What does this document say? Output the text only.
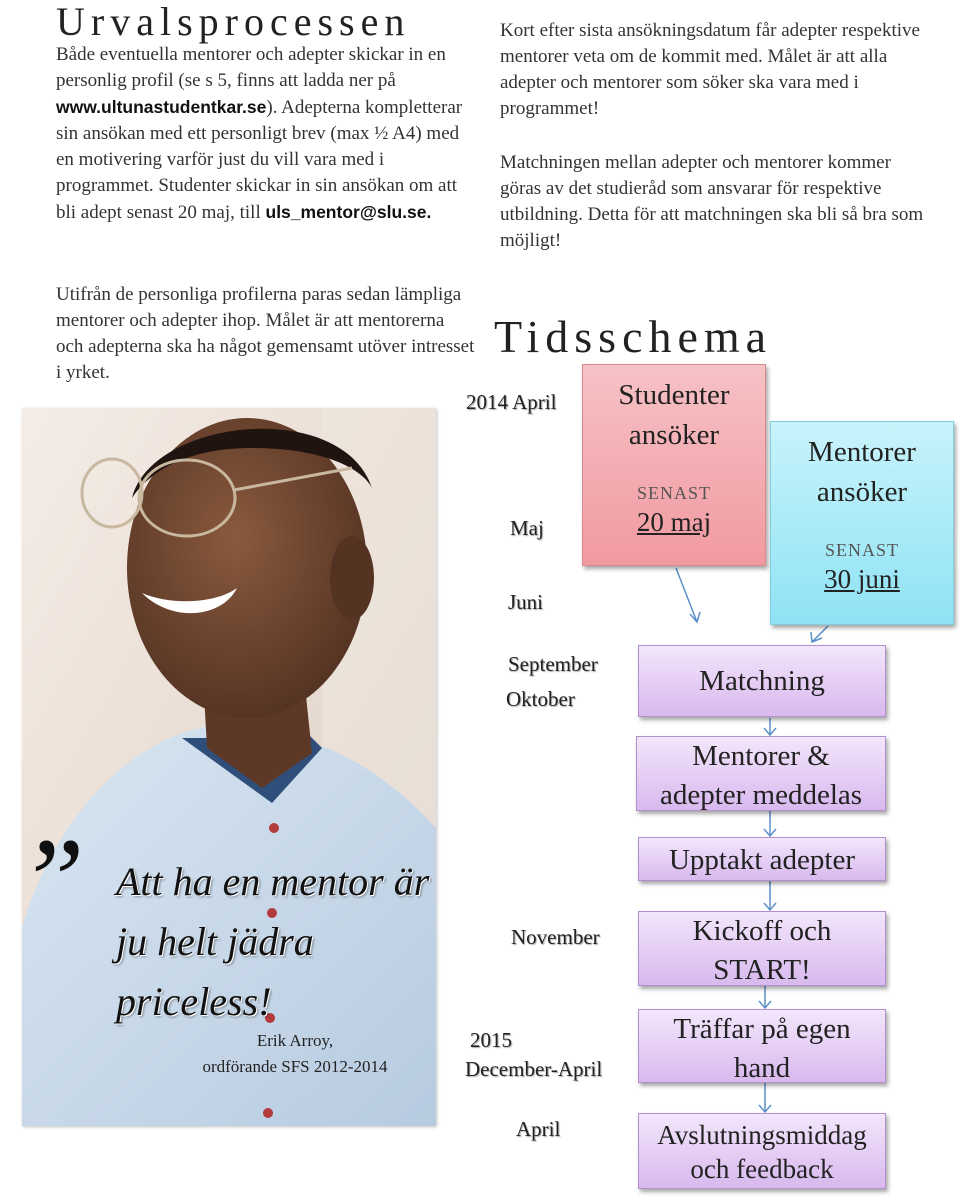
Urvalsprocessen

Både eventuella mentorer och adepter skickar in en personlig profil (se s 5, finns att ladda ner på www.ultunastudentkar.se). Adepterna kompletterar sin ansökan med ett personligt brev (max ½ A4) med en motivering varför just du vill vara med i programmet. Studenter skickar in sin ansökan om att bli adept senast 20 maj, till uls_mentor@slu.se.

Utifrån de personliga profilerna paras sedan lämpliga mentorer och adepter ihop. Målet är att mentorerna och adepterna ska ha något gemensamt utöver intresset i yrket.

” Att ha en mentor är ju helt jädra priceless!
Erik Arroy,
ordförande SFS 2012-2014

Kort efter sista ansökningsdatum får adepter respektive mentorer veta om de kommit med. Målet är att alla adepter och mentorer som söker ska vara med i programmet!

Matchningen mellan adepter och mentorer kommer göras av det studieråd som ansvarar för respektive utbildning. Detta för att matchningen ska bli så bra som möjligt!

Tidsschema
2014 April
Maj
Juni
September
Oktober
November
2015
December-April
April
Studenter
ansöker
SENAST
20 maj
Mentorer
ansöker
SENAST
30 juni
Matchning
Mentorer &
adepter meddelas
Upptakt adepter
Kickoff och
START!
Träffar på egen
hand
Avslutningsmiddag
och feedback
